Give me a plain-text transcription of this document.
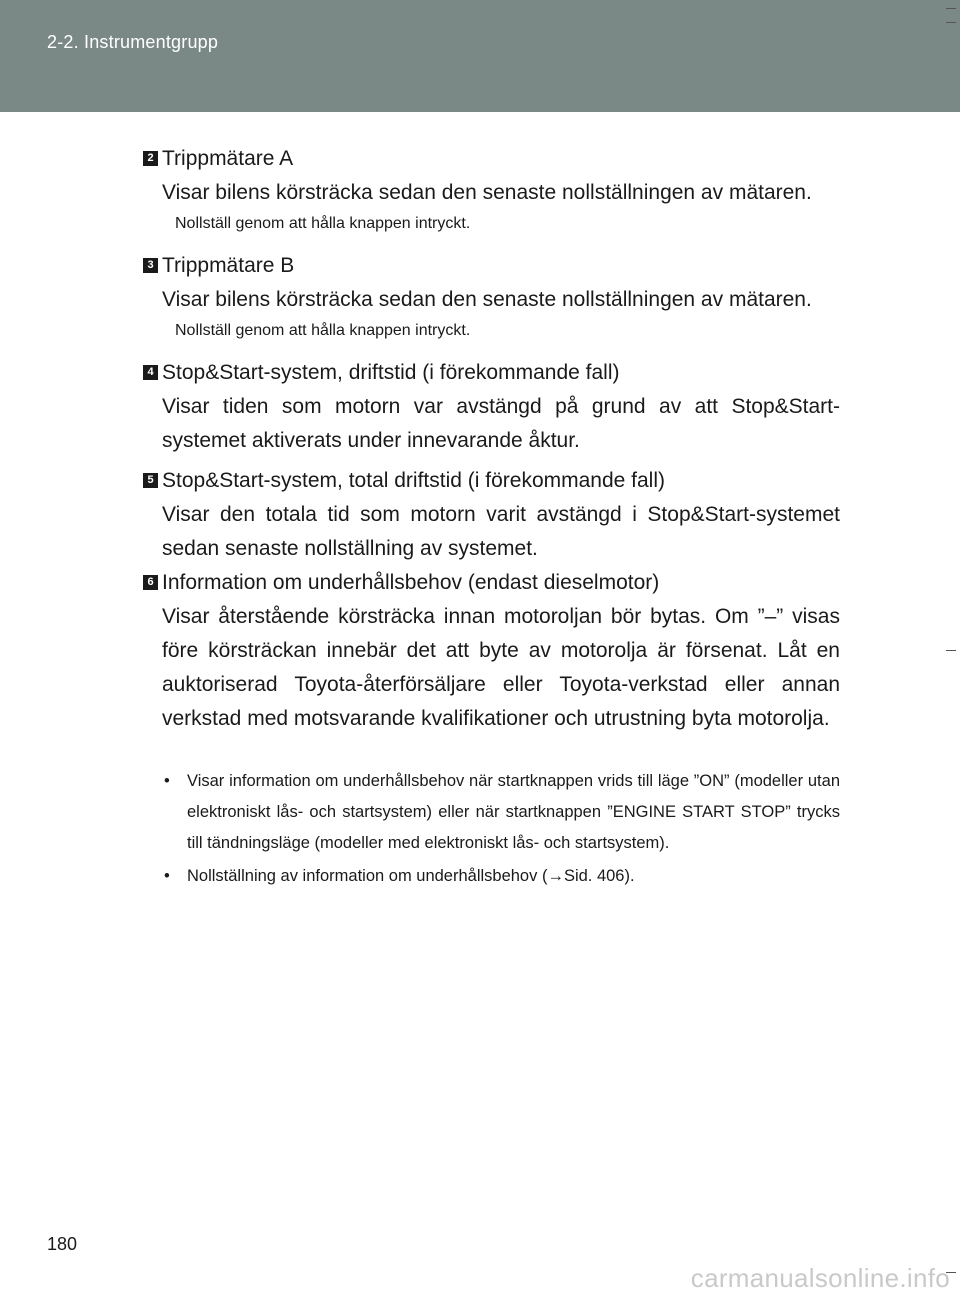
2-2. Instrumentgrupp
2 Trippmätare A
Visar bilens körsträcka sedan den senaste nollställningen av mätaren.
Nollställ genom att hålla knappen intryckt.
3 Trippmätare B
Visar bilens körsträcka sedan den senaste nollställningen av mätaren.
Nollställ genom att hålla knappen intryckt.
4 Stop&Start-system, driftstid (i förekommande fall)
Visar tiden som motorn var avstängd på grund av att Stop&Start-systemet aktiverats under innevarande åktur.
5 Stop&Start-system, total driftstid (i förekommande fall)
Visar den totala tid som motorn varit avstängd i Stop&Start-systemet sedan senaste nollställning av systemet.
6 Information om underhållsbehov (endast dieselmotor)
Visar återstående körsträcka innan motoroljan bör bytas. Om ”–” visas före körsträckan innebär det att byte av motorolja är försenat. Låt en auktoriserad Toyota-återförsäljare eller Toyota-verkstad eller annan verkstad med motsvarande kvalifikationer och utrustning byta motorolja.
• Visar information om underhållsbehov när startknappen vrids till läge ”ON” (modeller utan elektroniskt lås- och startsystem) eller när startknappen ”ENGINE START STOP” trycks till tändningsläge (modeller med elektroniskt lås- och startsystem).
• Nollställning av information om underhållsbehov (→Sid. 406).
180
carmanualsonline.info
